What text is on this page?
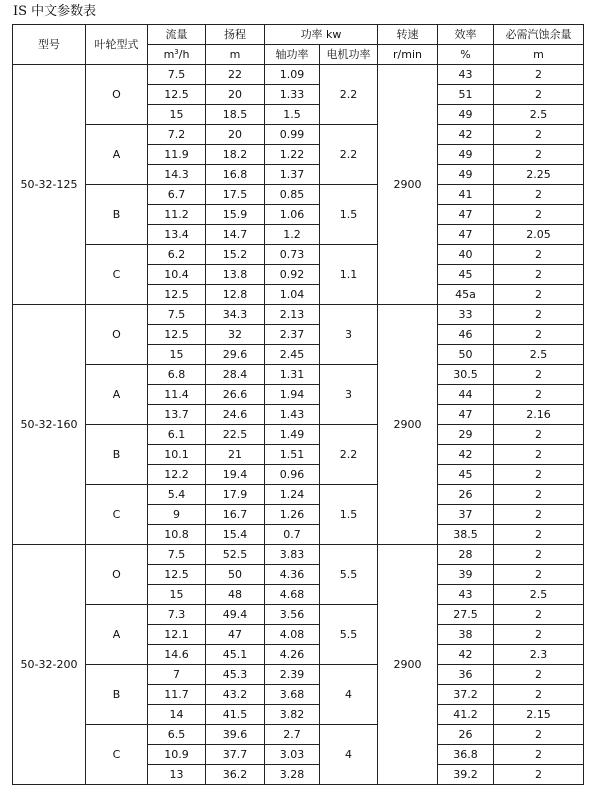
IS 中文参数表
型号	叶轮型式	流量	扬程	功率 kw		转速	效率	必需汽蚀余量
		$m^3/h$	m	轴功率	电机功率	r/min	%	m
50-32-125	O	7.5	22	1.09	2.2	2900	43	2
		12.5	20	1.33			51	2
		15	18.5	1.5			49	2.5
	A	7.2	20	0.99	2.2		42	2
		11.9	18.2	1.22			49	2
		14.3	16.8	1.37			49	2.25
	B	6.7	17.5	0.85	1.5		41	2
		11.2	15.9	1.06			47	2
		13.4	14.7	1.2			47	2.05
	C	6.2	15.2	0.73	1.1		40	2
		10.4	13.8	0.92			45	2
		12.5	12.8	1.04			45a	2
50-32-160	O	7.5	34.3	2.13	3	2900	33	2
		12.5	32	2.37			46	2
		15	29.6	2.45			50	2.5
	A	6.8	28.4	1.31	3		30.5	2
		11.4	26.6	1.94			44	2
		13.7	24.6	1.43			47	2.16
	B	6.1	22.5	1.49	2.2		29	2
		10.1	21	1.51			42	2
		12.2	19.4	0.96			45	2
	C	5.4	17.9	1.24	1.5		26	2
		9	16.7	1.26			37	2
		10.8	15.4	0.7			38.5	2
50-32-200	O	7.5	52.5	3.83	5.5	2900	28	2
		12.5	50	4.36			39	2
		15	48	4.68			43	2.5
	A	7.3	49.4	3.56	5.5		27.5	2
		12.1	47	4.08			38	2
		14.6	45.1	4.26			42	2.3
	B	7	45.3	2.39	4		36	2
		11.7	43.2	3.68			37.2	2
		14	41.5	3.82			41.2	2.15
	C	6.5	39.6	2.7	4		26	2
		10.9	37.7	3.03			36.8	2
		13	36.2	3.28			39.2	2
